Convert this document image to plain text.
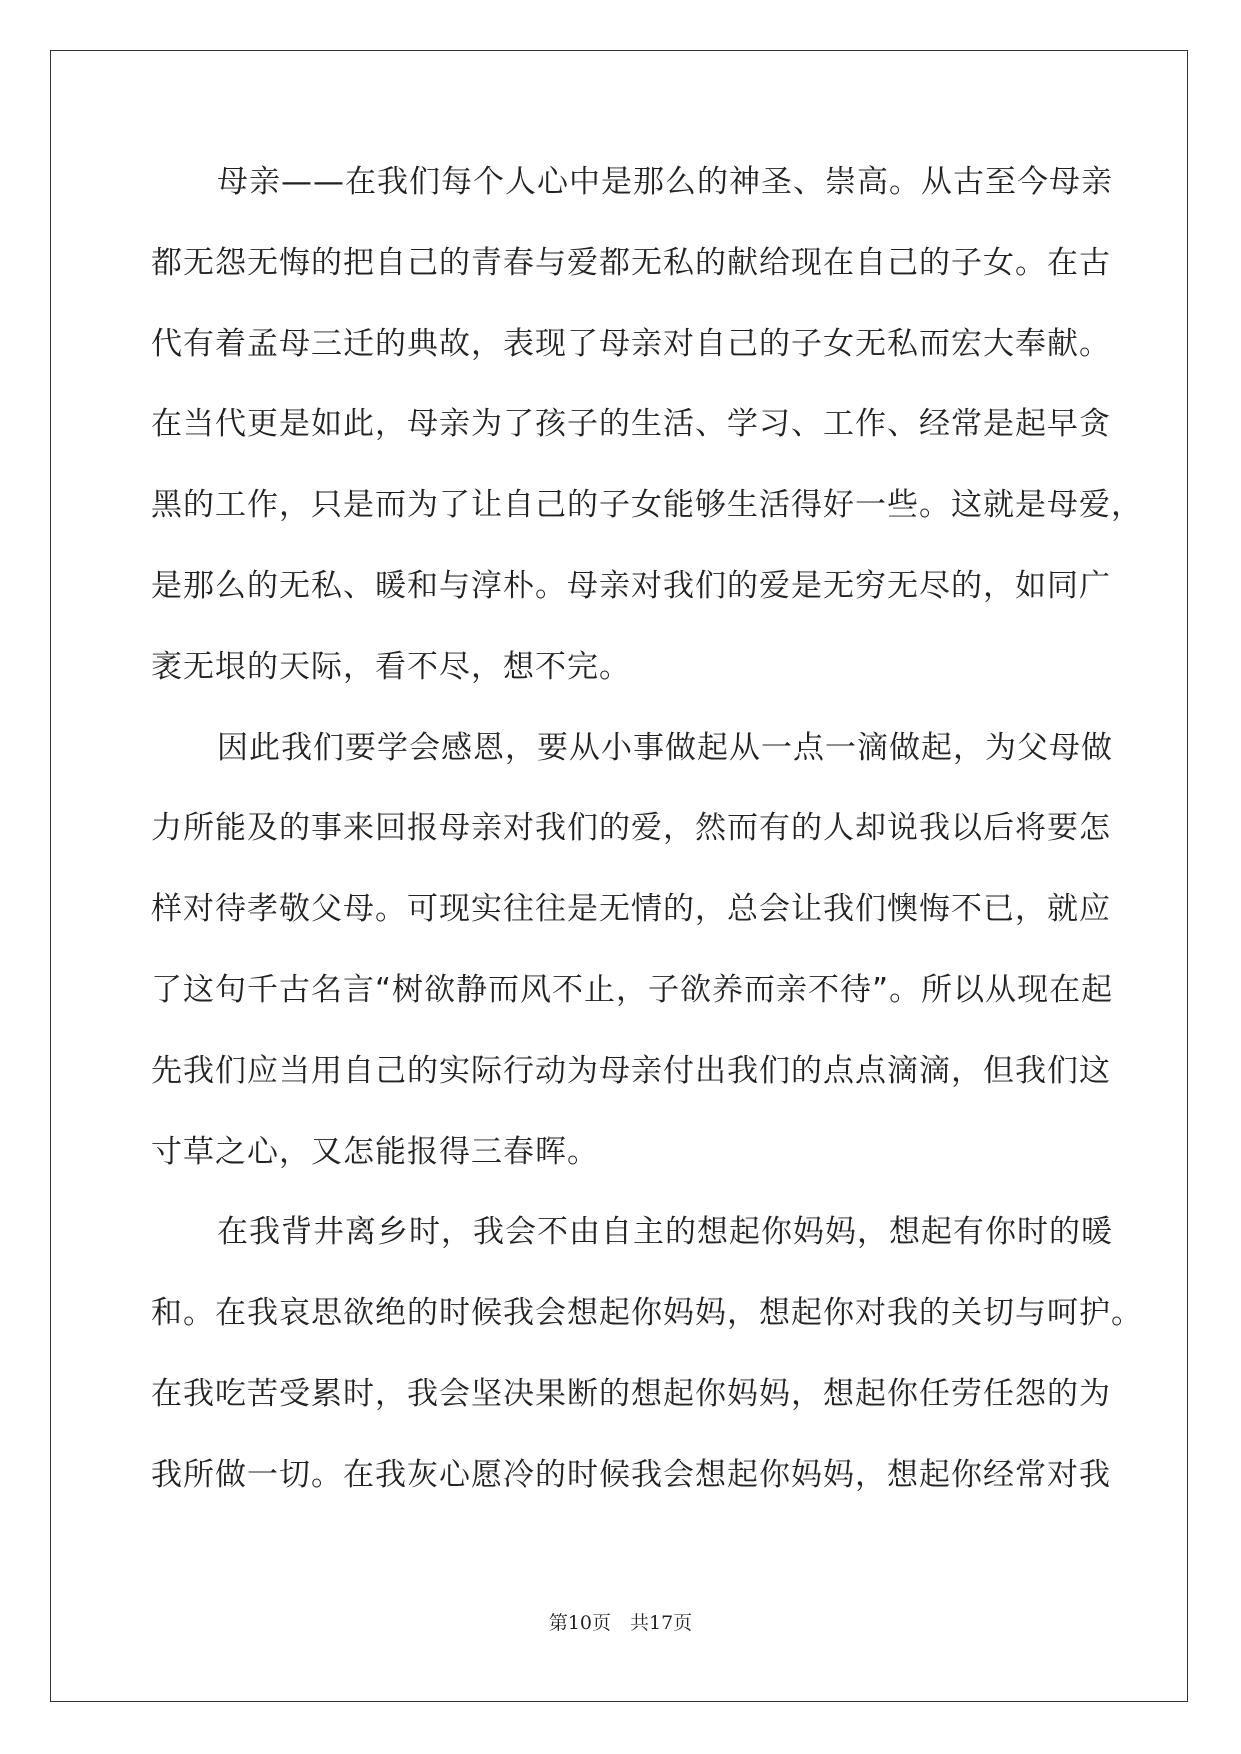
母亲——在我们每个人心中是那么的神圣、崇高。从古至今母亲
都无怨无悔的把自己的青春与爱都无私的献给现在自己的子女。在古
代有着孟母三迁的典故，表现了母亲对自己的子女无私而宏大奉献。
在当代更是如此，母亲为了孩子的生活、学习、工作、经常是起早贪
黑的工作，只是而为了让自己的子女能够生活得好一些。这就是母爱，
是那么的无私、暖和与淳朴。母亲对我们的爱是无穷无尽的，如同广
袤无垠的天际，看不尽，想不完。
因此我们要学会感恩，要从小事做起从一点一滴做起，为父母做
力所能及的事来回报母亲对我们的爱，然而有的人却说我以后将要怎
样对待孝敬父母。可现实往往是无情的，总会让我们懊悔不已，就应
了这句千古名言“树欲静而风不止，子欲养而亲不待”。所以从现在起
先我们应当用自己的实际行动为母亲付出我们的点点滴滴，但我们这
寸草之心，又怎能报得三春晖。
在我背井离乡时，我会不由自主的想起你妈妈，想起有你时的暖
和。在我哀思欲绝的时候我会想起你妈妈，想起你对我的关切与呵护。
在我吃苦受累时，我会坚决果断的想起你妈妈，想起你任劳任怨的为
我所做一切。在我灰心愿冷的时候我会想起你妈妈，想起你经常对我
第10页　共17页
